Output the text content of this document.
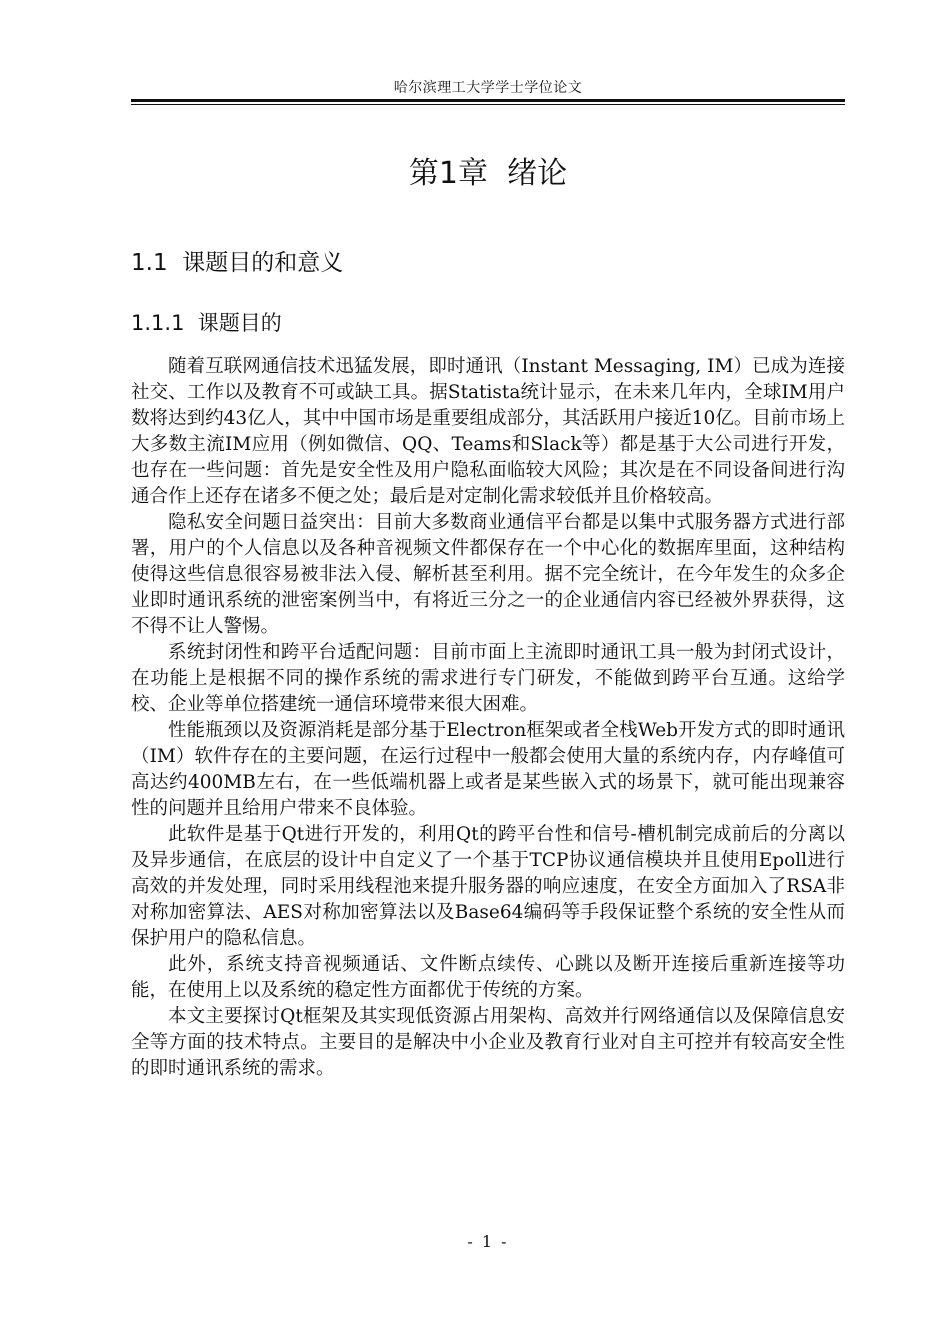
哈尔滨理工大学学士学位论文
第1章  绪论
1.1  课题目的和意义
1.1.1  课题目的

随着互联网通信技术迅猛发展，即时通讯（Instant Messaging, IM）已成为连接社交、工作以及教育不可或缺工具。据Statista统计显示，在未来几年内，全球IM用户数将达到约43亿人，其中中国市场是重要组成部分，其活跃用户接近10亿。目前市场上大多数主流IM应用（例如微信、QQ、Teams和Slack等）都是基于大公司进行开发，也存在一些问题：首先是安全性及用户隐私面临较大风险；其次是在不同设备间进行沟通合作上还存在诸多不便之处；最后是对定制化需求较低并且价格较高。

隐私安全问题日益突出：目前大多数商业通信平台都是以集中式服务器方式进行部署，用户的个人信息以及各种音视频文件都保存在一个中心化的数据库里面，这种结构使得这些信息很容易被非法入侵、解析甚至利用。据不完全统计，在今年发生的众多企业即时通讯系统的泄密案例当中，有将近三分之一的企业通信内容已经被外界获得，这不得不让人警惕。

系统封闭性和跨平台适配问题：目前市面上主流即时通讯工具一般为封闭式设计，在功能上是根据不同的操作系统的需求进行专门研发，不能做到跨平台互通。这给学校、企业等单位搭建统一通信环境带来很大困难。

性能瓶颈以及资源消耗是部分基于Electron框架或者全栈Web开发方式的即时通讯（IM）软件存在的主要问题，在运行过程中一般都会使用大量的系统内存，内存峰值可高达约400MB左右，在一些低端机器上或者是某些嵌入式的场景下，就可能出现兼容性的问题并且给用户带来不良体验。

此软件是基于Qt进行开发的，利用Qt的跨平台性和信号-槽机制完成前后的分离以及异步通信，在底层的设计中自定义了一个基于TCP协议通信模块并且使用Epoll进行高效的并发处理，同时采用线程池来提升服务器的响应速度，在安全方面加入了RSA非对称加密算法、AES对称加密算法以及Base64编码等手段保证整个系统的安全性从而保护用户的隐私信息。

此外，系统支持音视频通话、文件断点续传、心跳以及断开连接后重新连接等功能，在使用上以及系统的稳定性方面都优于传统的方案。

本文主要探讨Qt框架及其实现低资源占用架构、高效并行网络通信以及保障信息安全等方面的技术特点。主要目的是解决中小企业及教育行业对自主可控并有较高安全性的即时通讯系统的需求。

- 1 -
